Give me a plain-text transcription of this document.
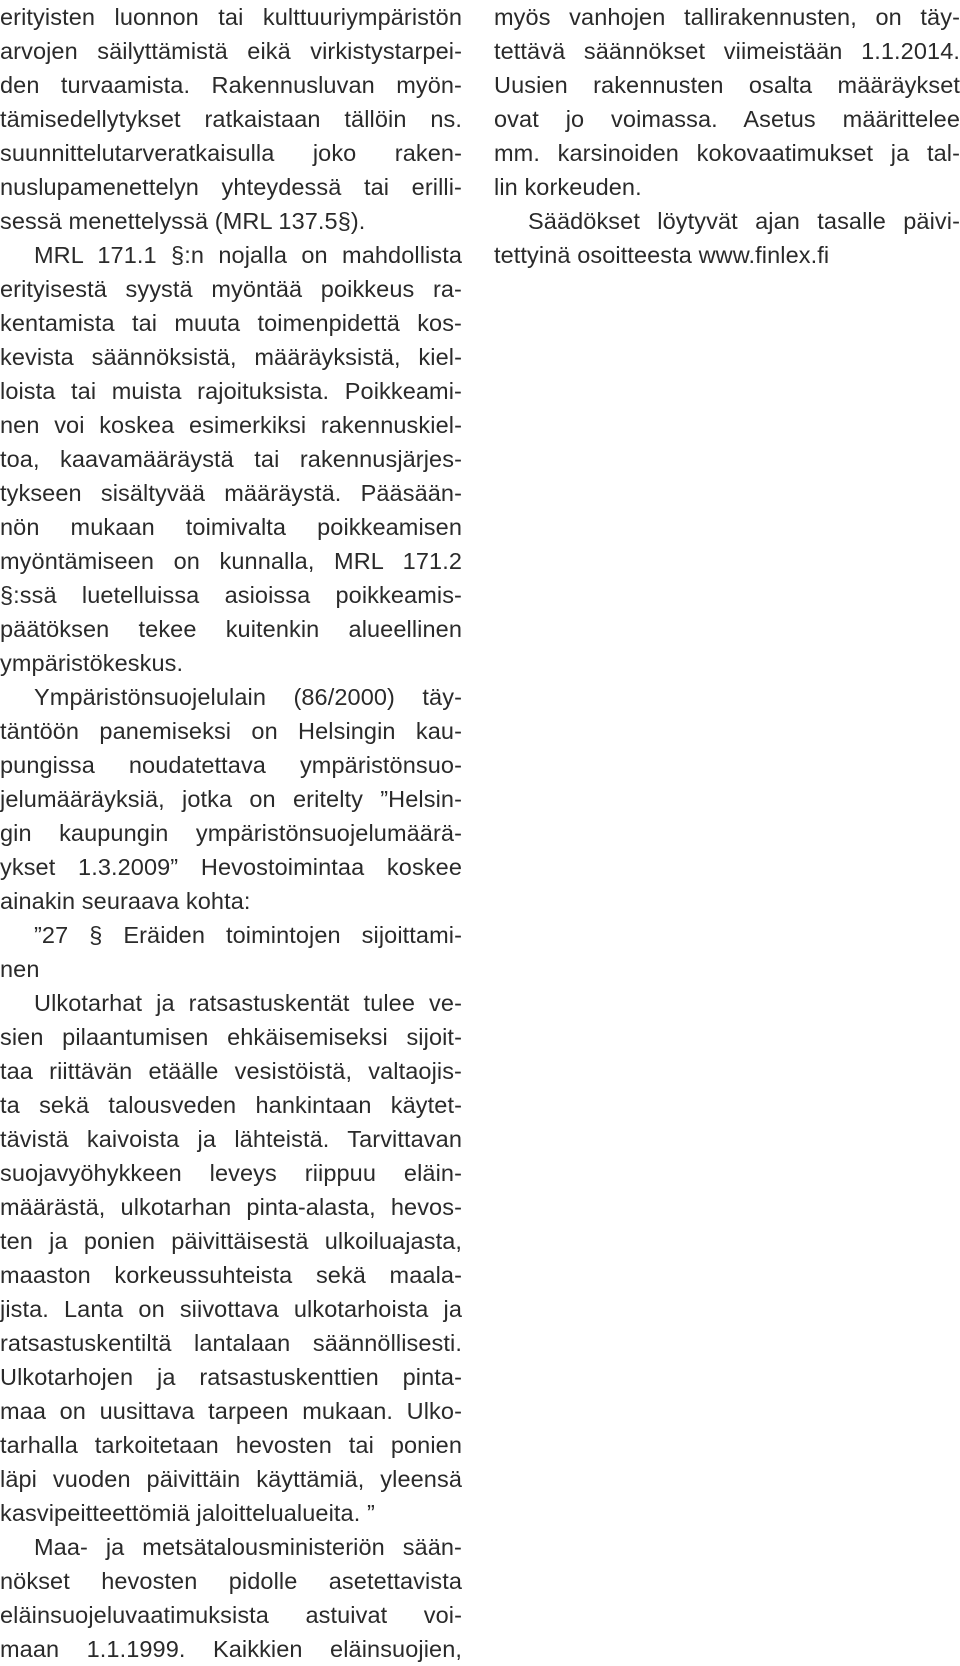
erityisten luonnon tai kulttuuriympäristön
arvojen säilyttämistä eikä virkistystarpei-
den turvaamista. Rakennusluvan myön-
tämisedellytykset ratkaistaan tällöin ns.
suunnittelutarveratkaisulla joko raken-
nuslupamenettelyn yhteydessä tai erilli-
sessä menettelyssä (MRL 137.5§).
MRL 171.1 §:n nojalla on mahdollista
erityisestä syystä myöntää poikkeus ra-
kentamista tai muuta toimenpidettä kos-
kevista säännöksistä, määräyksistä, kiel-
loista tai muista rajoituksista. Poikkeami-
nen voi koskea esimerkiksi rakennuskiel-
toa, kaavamääräystä tai rakennusjärjes-
tykseen sisältyvää määräystä. Pääsään-
nön mukaan toimivalta poikkeamisen
myöntämiseen on kunnalla, MRL 171.2
§:ssä luetelluissa asioissa poikkeamis-
päätöksen tekee kuitenkin alueellinen
ympäristökeskus.
Ympäristönsuojelulain (86/2000) täy-
täntöön panemiseksi on Helsingin kau-
pungissa noudatettava ympäristönsuo-
jelumääräyksiä, jotka on eritelty ”Helsin-
gin kaupungin ympäristönsuojelumäärä-
ykset 1.3.2009” Hevostoimintaa koskee
ainakin seuraava kohta:
”27 § Eräiden toimintojen sijoittami-
nen
Ulkotarhat ja ratsastuskentät tulee ve-
sien pilaantumisen ehkäisemiseksi sijoit-
taa riittävän etäälle vesistöistä, valtaojis-
ta sekä talousveden hankintaan käytet-
tävistä kaivoista ja lähteistä. Tarvittavan
suojavyöhykkeen leveys riippuu eläin-
määrästä, ulkotarhan pinta-alasta, hevos-
ten ja ponien päivittäisestä ulkoiluajasta,
maaston korkeussuhteista sekä maala-
jista. Lanta on siivottava ulkotarhoista ja
ratsastuskentiltä lantalaan säännöllisesti.
Ulkotarhojen ja ratsastuskenttien pinta-
maa on uusittava tarpeen mukaan. Ulko-
tarhalla tarkoitetaan hevosten tai ponien
läpi vuoden päivittäin käyttämiä, yleensä
kasvipeitteettömiä jaloittelualueita. ”
Maa- ja metsätalousministeriön sään-
nökset hevosten pidolle asetettavista
eläinsuojeluvaatimuksista astuivat voi-
maan 1.1.1999. Kaikkien eläinsuojien,
myös vanhojen tallirakennusten, on täy-
tettävä säännökset viimeistään 1.1.2014.
Uusien rakennusten osalta määräykset
ovat jo voimassa. Asetus määrittelee
mm. karsinoiden kokovaatimukset ja tal-
lin korkeuden.
Säädökset löytyvät ajan tasalle päivi-
tettyinä osoitteesta www.finlex.fi
